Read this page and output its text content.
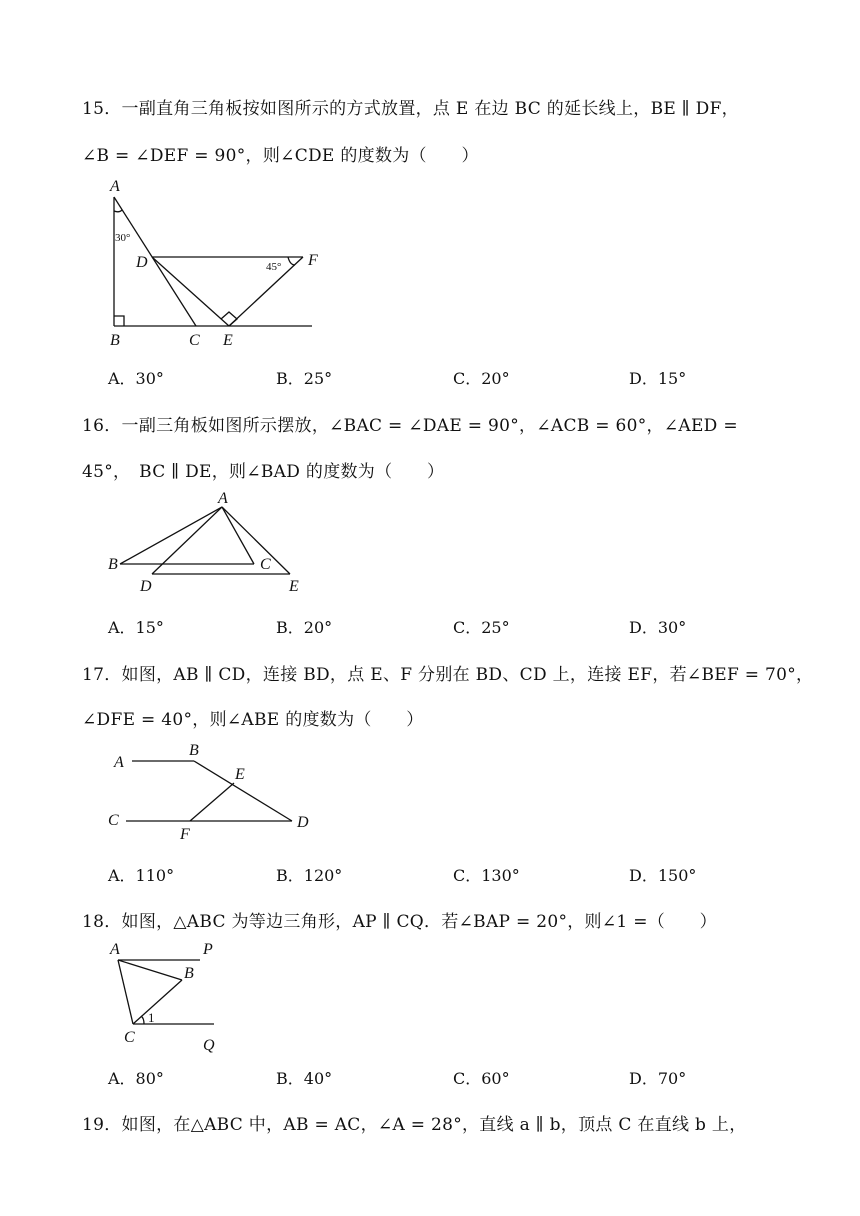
15．一副直角三角板按如图所示的方式放置，点 E 在边 BC 的延长线上，BE ∥ DF，
∠B = ∠DEF = 90°，则∠CDE 的度数为（　　）
A
B	C
D
E
F
30°
45°
A．30°	B．25°	C．20°	D．15°
16．一副三角板如图所示摆放，∠BAC = ∠DAE = 90°，∠ACB = 60°，∠AED =
45°，　BC ∥ DE，则∠BAD 的度数为（　　）
A
B	C
D	E
A．15°	B．20°	C．25°	D．30°
17．如图，AB ∥ CD，连接 BD，点 E、F 分别在 BD、CD 上，连接 EF，若∠BEF = 70°，
∠DFE = 40°，则∠ABE 的度数为（　　）
A
B
C	D
E
F
A．110°	B．120°	C．130°	D．150°
18．如图，△ABC 为等边三角形，AP ∥ CQ．若∠BAP = 20°，则∠1 =（　　）
A	P
B
C	Q
1
A．80°	B．40°	C．60°	D．70°
19．如图，在△ABC 中，AB = AC，∠A = 28°，直线 a ∥ b，顶点 C 在直线 b 上，
